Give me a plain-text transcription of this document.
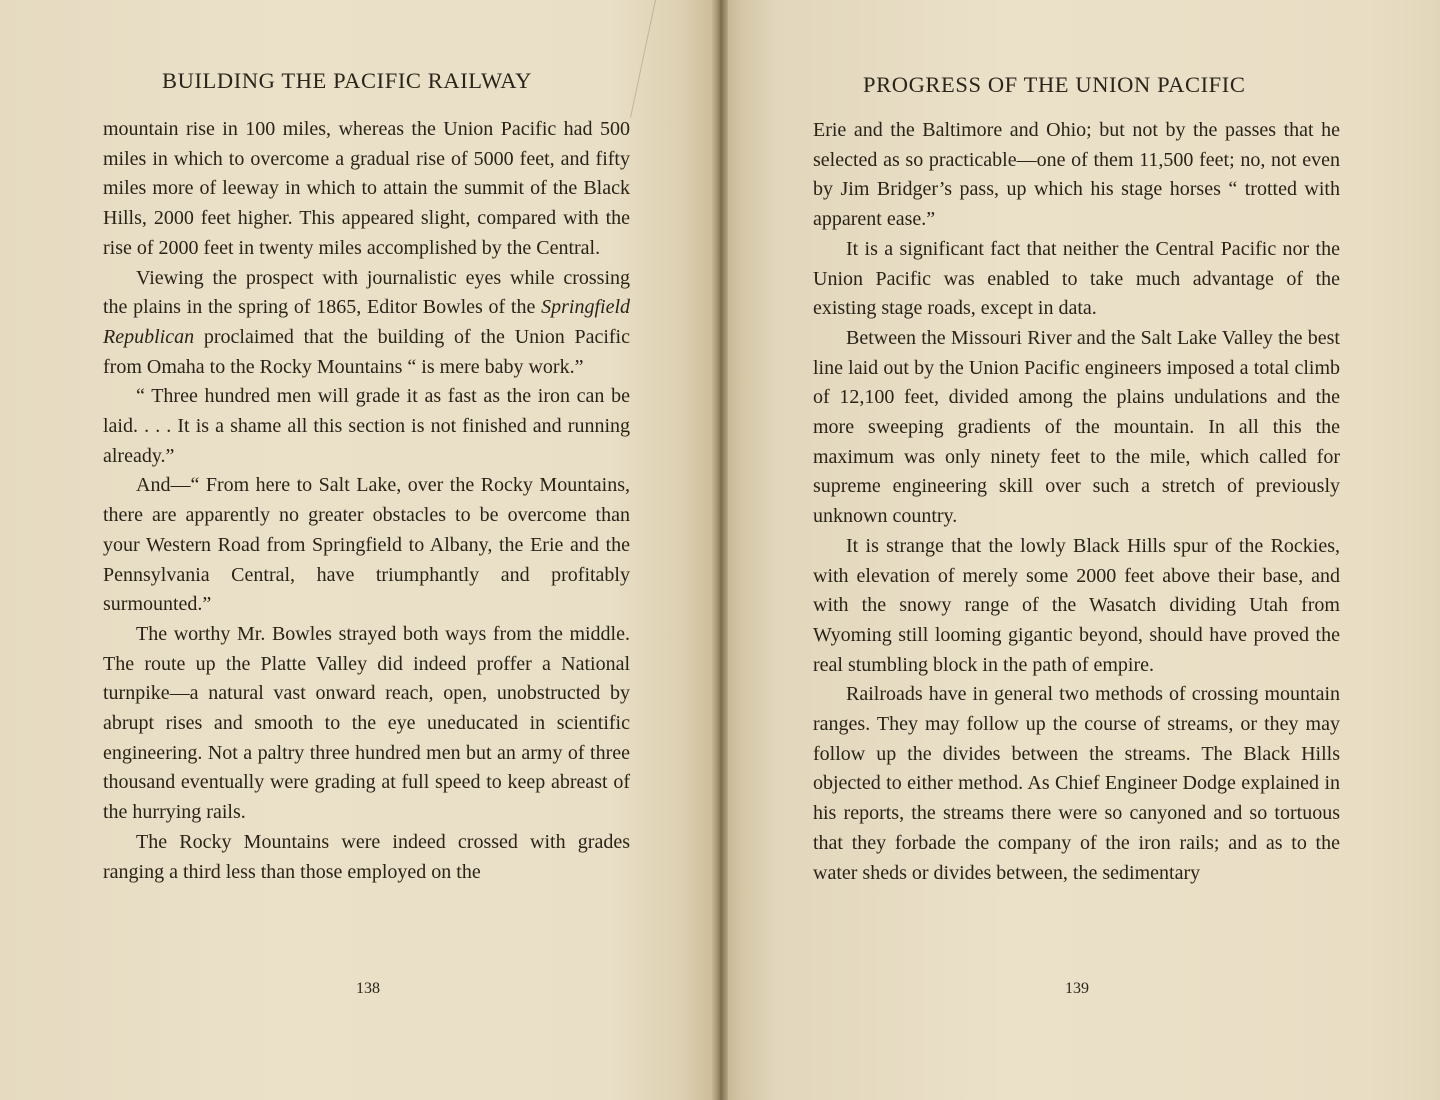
BUILDING THE PACIFIC RAILWAY

mountain rise in 100 miles, whereas the Union Pacific had 500 miles in which to overcome a gradual rise of 5000 feet, and fifty miles more of leeway in which to attain the summit of the Black Hills, 2000 feet higher. This appeared slight, compared with the rise of 2000 feet in twenty miles accomplished by the Central.

Viewing the prospect with journalistic eyes while crossing the plains in the spring of 1865, Editor Bowles of the Springfield Republican proclaimed that the building of the Union Pacific from Omaha to the Rocky Mountains “ is mere baby work.”

“ Three hundred men will grade it as fast as the iron can be laid. . . . It is a shame all this section is not finished and running already.”

And—“ From here to Salt Lake, over the Rocky Mountains, there are apparently no greater obstacles to be overcome than your Western Road from Springfield to Albany, the Erie and the Pennsylvania Central, have triumphantly and profitably surmounted.”

The worthy Mr. Bowles strayed both ways from the middle. The route up the Platte Valley did indeed proffer a National turnpike—a natural vast onward reach, open, unobstructed by abrupt rises and smooth to the eye uneducated in scientific engineering. Not a paltry three hundred men but an army of three thousand eventually were grading at full speed to keep abreast of the hurrying rails.

The Rocky Mountains were indeed crossed with grades ranging a third less than those employed on the

138
PROGRESS OF THE UNION PACIFIC

Erie and the Baltimore and Ohio; but not by the passes that he selected as so practicable—one of them 11,500 feet; no, not even by Jim Bridger’s pass, up which his stage horses “ trotted with apparent ease.”

It is a significant fact that neither the Central Pacific nor the Union Pacific was enabled to take much advantage of the existing stage roads, except in data.

Between the Missouri River and the Salt Lake Valley the best line laid out by the Union Pacific engineers imposed a total climb of 12,100 feet, divided among the plains undulations and the more sweeping gradients of the mountain. In all this the maximum was only ninety feet to the mile, which called for supreme engineering skill over such a stretch of previously unknown country.

It is strange that the lowly Black Hills spur of the Rockies, with elevation of merely some 2000 feet above their base, and with the snowy range of the Wasatch dividing Utah from Wyoming still looming gigantic beyond, should have proved the real stumbling block in the path of empire.

Railroads have in general two methods of crossing mountain ranges. They may follow up the course of streams, or they may follow up the divides between the streams. The Black Hills objected to either method. As Chief Engineer Dodge explained in his reports, the streams there were so canyoned and so tortuous that they forbade the company of the iron rails; and as to the water sheds or divides between, the sedimentary

139
